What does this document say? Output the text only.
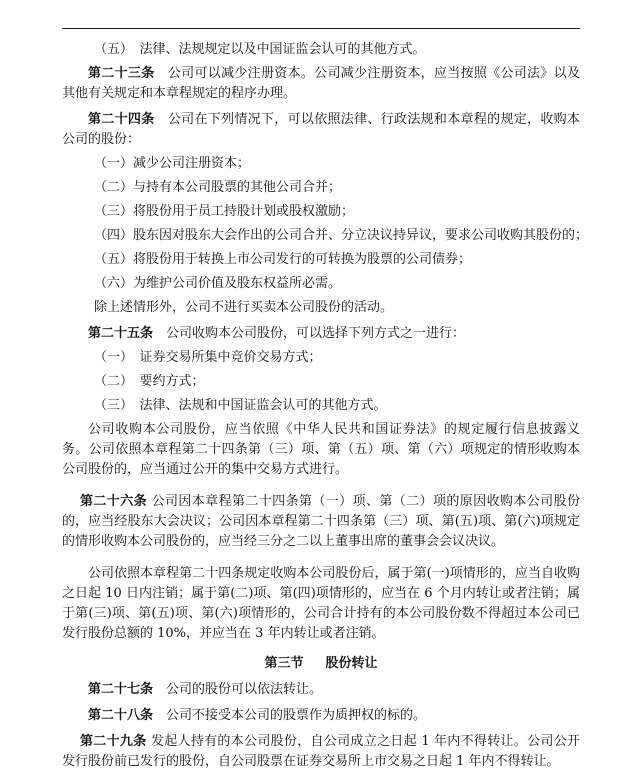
（五）　法律、法规规定以及中国证监会认可的其他方式。

第二十三条　 公司可以减少注册资本。公司减少注册资本，应当按照《公司法》以及其他有关规定和本章程规定的程序办理。

第二十四条　 公司在下列情况下，可以依照法律、行政法规和本章程的规定，收购本公司的股份：

（一）减少公司注册资本；

（二）与持有本公司股票的其他公司合并；

（三）将股份用于员工持股计划或股权激励；

（四）股东因对股东大会作出的公司合并、分立决议持异议，要求公司收购其股份的；

（五）将股份用于转换上市公司发行的可转换为股票的公司债券；

（六）为维护公司价值及股东权益所必需。

除上述情形外，公司不进行买卖本公司股份的活动。

第二十五条　 公司收购本公司股份，可以选择下列方式之一进行：

（一）　证券交易所集中竞价交易方式；

（二）　要约方式；

（三）　法律、法规和中国证监会认可的其他方式。

公司收购本公司股份，应当依照《中华人民共和国证券法》的规定履行信息披露义务。公司依照本章程第二十四条第（三）项、第（五）项、第（六）项规定的情形收购本公司股份的，应当通过公开的集中交易方式进行。

第二十六条 公司因本章程第二十四条第（一）项、第（二）项的原因收购本公司股份的，应当经股东大会决议；公司因本章程第二十四条第（三）项、第(五)项、第(六)项规定的情形收购本公司股份的，应当经三分之二以上董事出席的董事会会议决议。

公司依照本章程第二十四条规定收购本公司股份后，属于第(一)项情形的，应当自收购之日起 10 日内注销；属于第(二)项、第(四)项情形的，应当在 6 个月内转让或者注销；属于第(三)项、第(五)项、第(六)项情形的，公司合计持有的本公司股份数不得超过本公司已发行股份总额的 10%，并应当在 3 年内转让或者注销。

第三节 股份转让

第二十七条　 公司的股份可以依法转让。

第二十八条　 公司不接受本公司的股票作为质押权的标的。

第二十九条 发起人持有的本公司股份，自公司成立之日起 1 年内不得转让。公司公开发行股份前已发行的股份，自公司股票在证券交易所上市交易之日起 1 年内不得转让。
